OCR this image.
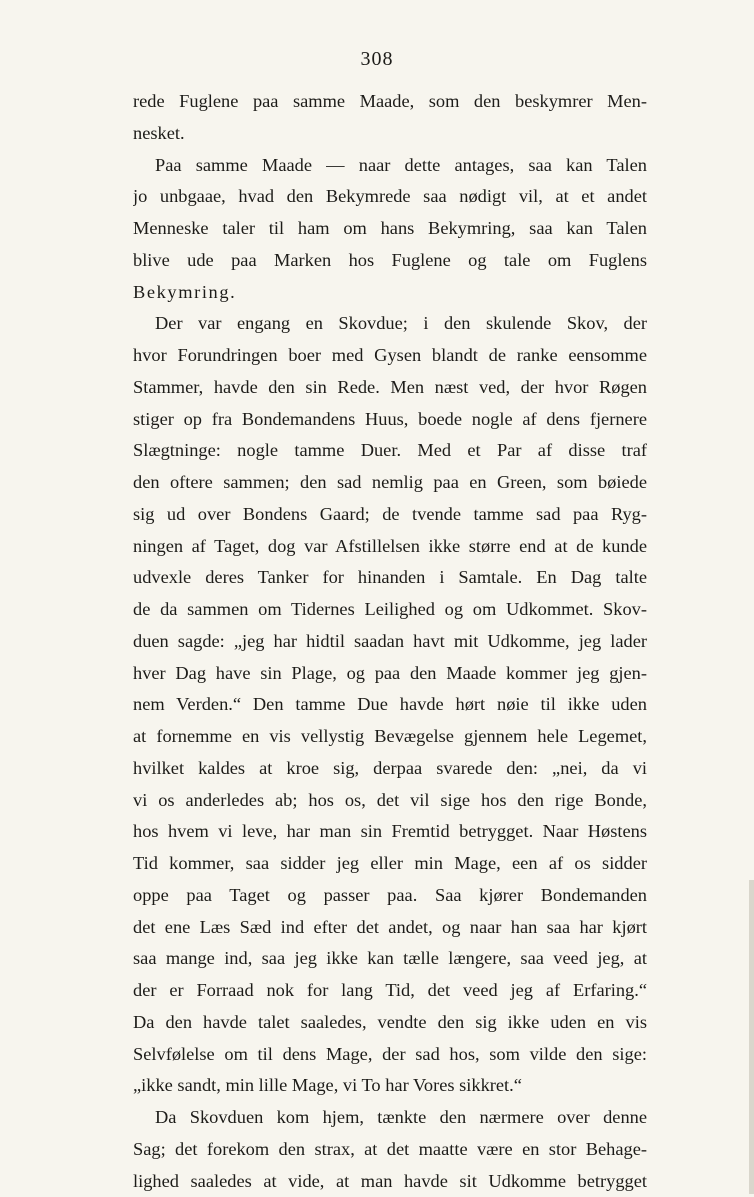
308
rede Fuglene paa samme Maade, som den beskymrer Men-
nesket.
Paa samme Maade — naar dette antages, saa kan Talen
jo unbgaae, hvad den Bekymrede saa nødigt vil, at et andet
Menneske taler til ham om hans Bekymring, saa kan Talen
blive ude paa Marken hos Fuglene og tale om Fuglens
Bekymring.
Der var engang en Skovdue; i den skulende Skov, der
hvor Forundringen boer med Gysen blandt de ranke eensomme
Stammer, havde den sin Rede. Men næst ved, der hvor Røgen
stiger op fra Bondemandens Huus, boede nogle af dens fjernere
Slægtninge: nogle tamme Duer. Med et Par af disse traf
den oftere sammen; den sad nemlig paa en Green, som bøiede
sig ud over Bondens Gaard; de tvende tamme sad paa Ryg-
ningen af Taget, dog var Afstillelsen ikke større end at de kunde
udvexle deres Tanker for hinanden i Samtale. En Dag talte
de da sammen om Tidernes Leilighed og om Udkommet. Skov-
duen sagde: „jeg har hidtil saadan havt mit Udkomme, jeg lader
hver Dag have sin Plage, og paa den Maade kommer jeg gjen-
nem Verden.“ Den tamme Due havde hørt nøie til ikke uden
at fornemme en vis vellystig Bevægelse gjennem hele Legemet,
hvilket kaldes at kroe sig, derpaa svarede den: „nei, da vi
vi os anderledes ab; hos os, det vil sige hos den rige Bonde,
hos hvem vi leve, har man sin Fremtid betrygget. Naar Høstens
Tid kommer, saa sidder jeg eller min Mage, een af os sidder
oppe paa Taget og passer paa. Saa kjører Bondemanden
det ene Læs Sæd ind efter det andet, og naar han saa har kjørt
saa mange ind, saa jeg ikke kan tælle længere, saa veed jeg, at
der er Forraad nok for lang Tid, det veed jeg af Erfaring.“
Da den havde talet saaledes, vendte den sig ikke uden en vis
Selvfølelse om til dens Mage, der sad hos, som vilde den sige:
„ikke sandt, min lille Mage, vi To har Vores sikkret.“
Da Skovduen kom hjem, tænkte den nærmere over denne
Sag; det forekom den strax, at det maatte være en stor Behage-
lighed saaledes at vide, at man havde sit Udkomme betrygget
